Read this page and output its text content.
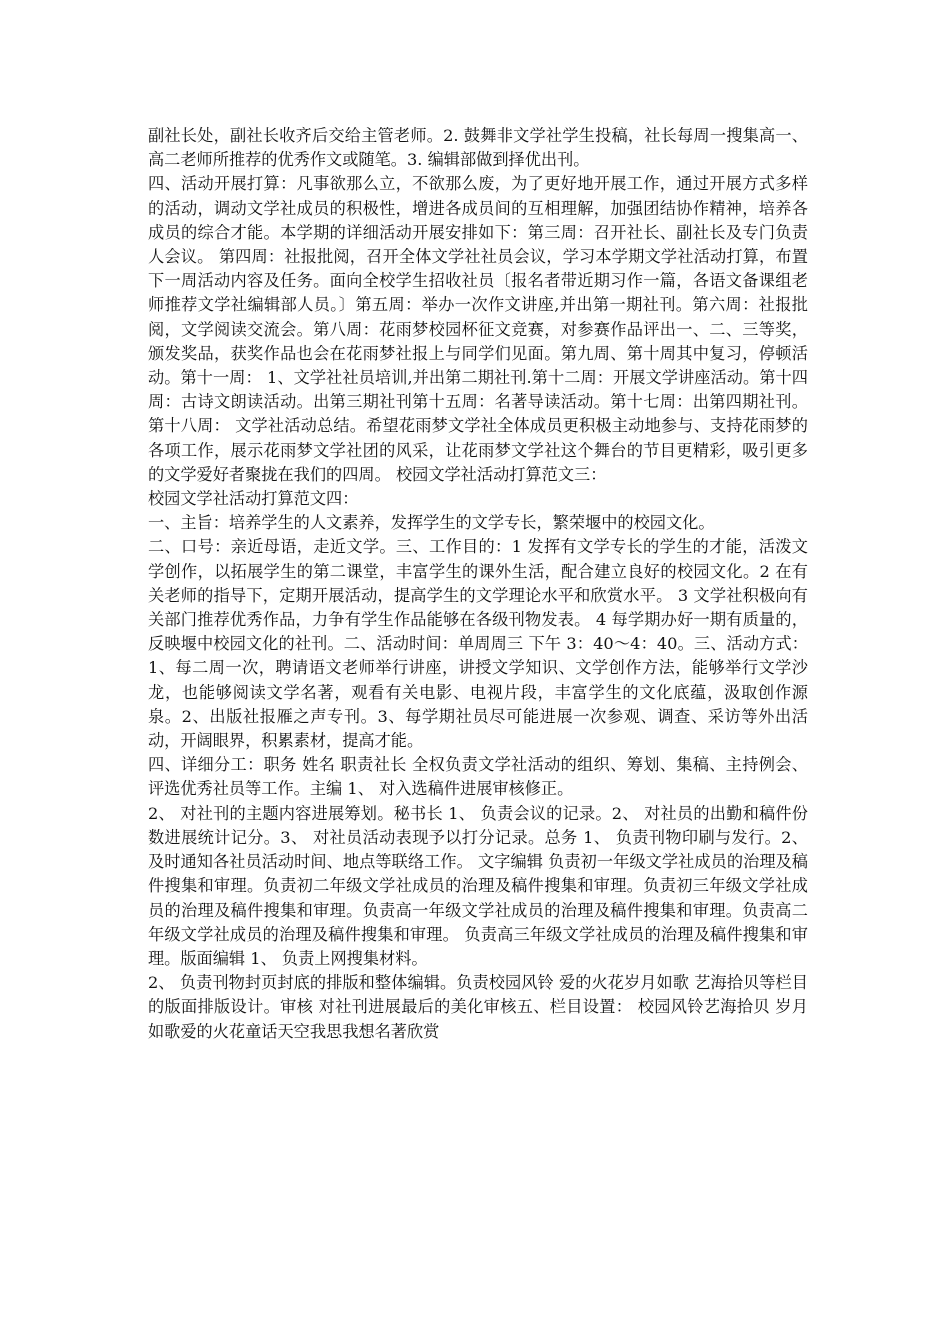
副社长处，副社长收齐后交给主管老师。2. 鼓舞非文学社学生投稿，社长每周一搜集高一、高二老师所推荐的优秀作文或随笔。3. 编辑部做到择优出刊。

四、活动开展打算：凡事欲那么立，不欲那么废，为了更好地开展工作，通过开展方式多样的活动，调动文学社成员的积极性，增进各成员间的互相理解，加强团结协作精神，培养各成员的综合才能。本学期的详细活动开展安排如下：第三周：召开社长、副社长及专门负责人会议。 第四周：社报批阅，召开全体文学社社员会议，学习本学期文学社活动打算，布置下一周活动内容及任务。面向全校学生招收社员〔报名者带近期习作一篇，各语文备课组老师推荐文学社编辑部人员。〕第五周：举办一次作文讲座,并出第一期社刊。第六周：社报批阅，文学阅读交流会。第八周：花雨梦校园杯征文竞赛，对参赛作品评出一、二、三等奖，颁发奖品，获奖作品也会在花雨梦社报上与同学们见面。第九周、第十周其中复习，停顿活动。第十一周： 1、文学社社员培训,并出第二期社刊.第十二周：开展文学讲座活动。第十四周：古诗文朗读活动。出第三期社刊第十五周：名著导读活动。第十七周：出第四期社刊。第十八周： 文学社活动总结。希望花雨梦文学社全体成员更积极主动地参与、支持花雨梦的各项工作，展示花雨梦文学社团的风采，让花雨梦文学社这个舞台的节目更精彩，吸引更多的文学爱好者聚拢在我们的四周。 校园文学社活动打算范文三：

校园文学社活动打算范文四：

一、主旨：培养学生的人文素养，发挥学生的文学专长，繁荣堰中的校园文化。

二、口号：亲近母语，走近文学。三、工作目的：1 发挥有文学专长的学生的才能，活泼文学创作，以拓展学生的第二课堂，丰富学生的课外生活，配合建立良好的校园文化。2 在有关老师的指导下，定期开展活动，提高学生的文学理论水平和欣赏水平。 3 文学社积极向有关部门推荐优秀作品，力争有学生作品能够在各级刊物发表。 4 每学期办好一期有质量的，反映堰中校园文化的社刊。二、活动时间：单周周三 下午 3：40～4：40。三、活动方式：1、每二周一次，聘请语文老师举行讲座，讲授文学知识、文学创作方法，能够举行文学沙龙，也能够阅读文学名著，观看有关电影、电视片段，丰富学生的文化底蕴，汲取创作源泉。2、出版社报雁之声专刊。3、每学期社员尽可能进展一次参观、调查、采访等外出活动，开阔眼界，积累素材，提高才能。

四、详细分工：职务 姓名 职责社长 全权负责文学社活动的组织、筹划、集稿、主持例会、评选优秀社员等工作。主编 1、 对入选稿件进展审核修正。

2、 对社刊的主题内容进展筹划。秘书长 1、 负责会议的记录。2、 对社员的出勤和稿件份数进展统计记分。3、 对社员活动表现予以打分记录。总务 1、 负责刊物印刷与发行。2、及时通知各社员活动时间、地点等联络工作。 文字编辑 负责初一年级文学社成员的治理及稿件搜集和审理。负责初二年级文学社成员的治理及稿件搜集和审理。负责初三年级文学社成员的治理及稿件搜集和审理。负责高一年级文学社成员的治理及稿件搜集和审理。负责高二年级文学社成员的治理及稿件搜集和审理。 负责高三年级文学社成员的治理及稿件搜集和审理。版面编辑 1、 负责上网搜集材料。

2、 负责刊物封页封底的排版和整体编辑。负责校园风铃 爱的火花岁月如歌 艺海拾贝等栏目的版面排版设计。审核 对社刊进展最后的美化审核五、栏目设置： 校园风铃艺海拾贝 岁月如歌爱的火花童话天空我思我想名著欣赏
